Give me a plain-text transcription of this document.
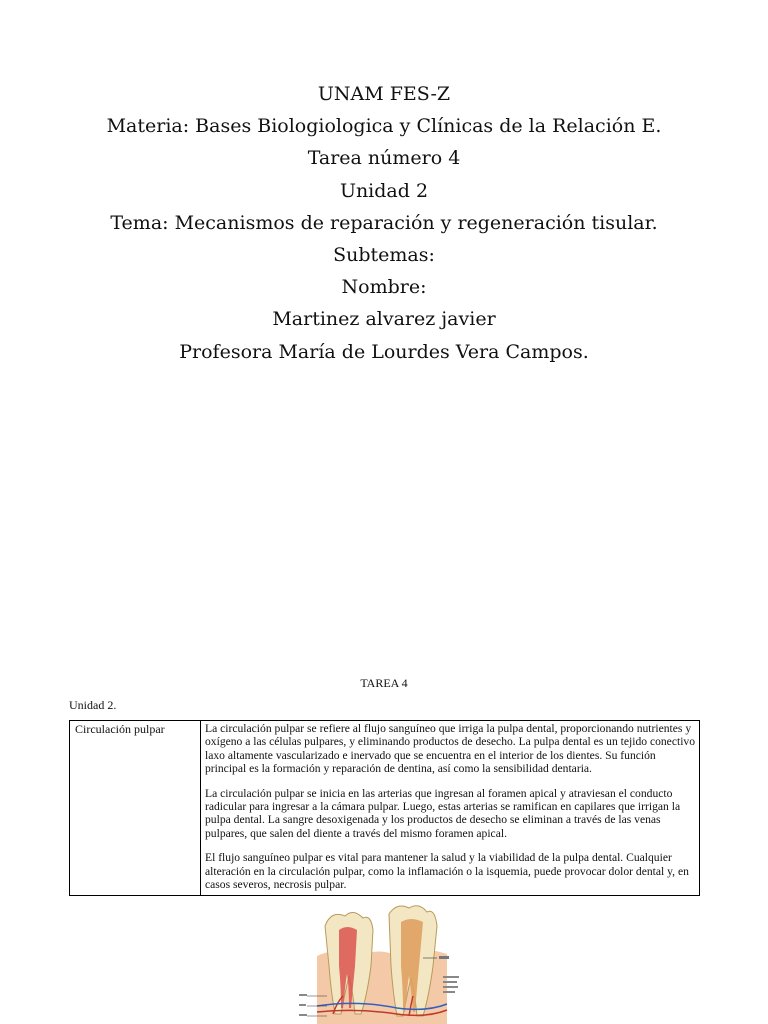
UNAM FES-Z
Materia: Bases Biologiologica y Clínicas de la Relación E.
Tarea número 4
Unidad 2
Tema: Mecanismos de reparación y regeneración tisular.
Subtemas:
Nombre:
Martinez alvarez javier
Profesora María de Lourdes Vera Campos.
TAREA 4
Unidad 2.
Circulación pulpar	La circulación pulpar se refiere al flujo sanguíneo que irriga la pulpa dental, proporcionando nutrientes y oxígeno a las células pulpares, y eliminando productos de desecho. La pulpa dental es un tejido conectivo laxo altamente vascularizado e inervado que se encuentra en el interior de los dientes. Su función principal es la formación y reparación de dentina, así como la sensibilidad dentaria.

La circulación pulpar se inicia en las arterias que ingresan al foramen apical y atraviesan el conducto radicular para ingresar a la cámara pulpar. Luego, estas arterias se ramifican en capilares que irrigan la pulpa dental. La sangre desoxigenada y los productos de desecho se eliminan a través de las venas pulpares, que salen del diente a través del mismo foramen apical.

El flujo sanguíneo pulpar es vital para mantener la salud y la viabilidad de la pulpa dental. Cualquier alteración en la circulación pulpar, como la inflamación o la isquemia, puede provocar dolor dental y, en casos severos, necrosis pulpar.
